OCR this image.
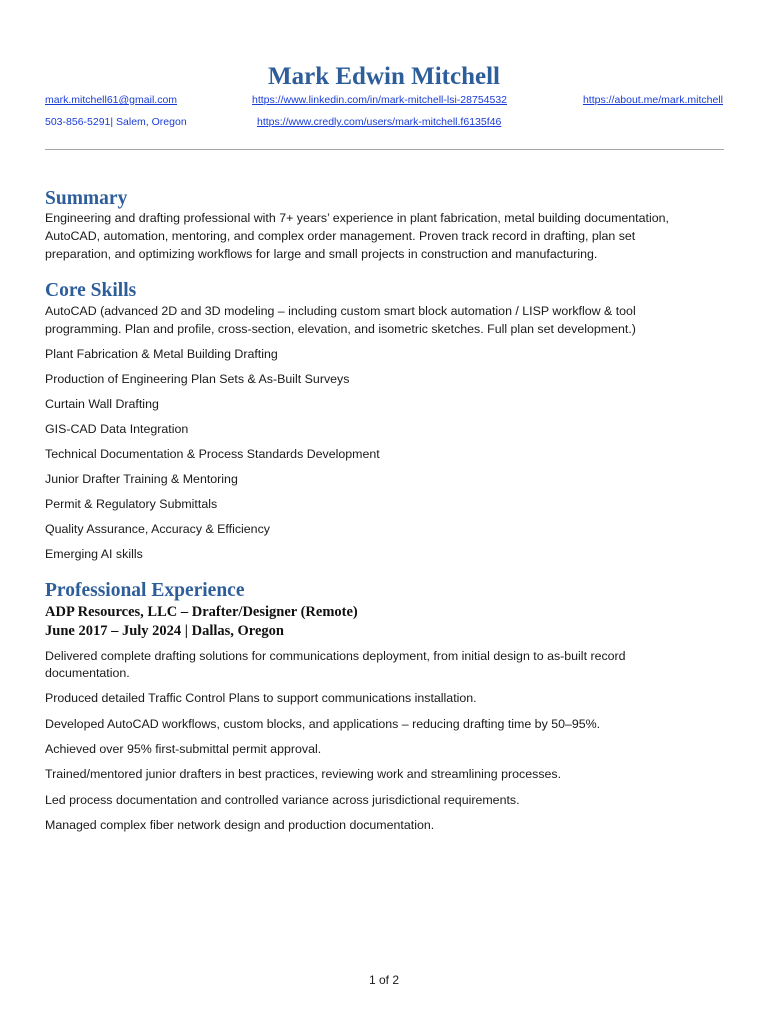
Mark Edwin Mitchell
mark.mitchell61@gmail.com	https://www.linkedin.com/in/mark-mitchell-lsi-28754532	https://about.me/mark.mitchell
503-856-5291| Salem, Oregon	https://www.credly.com/users/mark-mitchell.f6135f46
Summary
Engineering and drafting professional with 7+ years’ experience in plant fabrication, metal building documentation,
AutoCAD, automation, mentoring, and complex order management. Proven track record in drafting, plan set
preparation, and optimizing workflows for large and small projects in construction and manufacturing.
Core Skills
AutoCAD (advanced 2D and 3D modeling – including custom smart block automation / LISP workflow & tool
programming. Plan and profile, cross-section, elevation, and isometric sketches. Full plan set development.)
Plant Fabrication & Metal Building Drafting
Production of Engineering Plan Sets & As-Built Surveys
Curtain Wall Drafting
GIS-CAD Data Integration
Technical Documentation & Process Standards Development
Junior Drafter Training & Mentoring
Permit & Regulatory Submittals
Quality Assurance, Accuracy & Efficiency
Emerging AI skills
Professional Experience
ADP Resources, LLC – Drafter/Designer (Remote)
June 2017 – July 2024 | Dallas, Oregon
Delivered complete drafting solutions for communications deployment, from initial design to as-built record
documentation.
Produced detailed Traffic Control Plans to support communications installation.
Developed AutoCAD workflows, custom blocks, and applications – reducing drafting time by 50–95%.
Achieved over 95% first-submittal permit approval.
Trained/mentored junior drafters in best practices, reviewing work and streamlining processes.
Led process documentation and controlled variance across jurisdictional requirements.
Managed complex fiber network design and production documentation.
1 of 2
